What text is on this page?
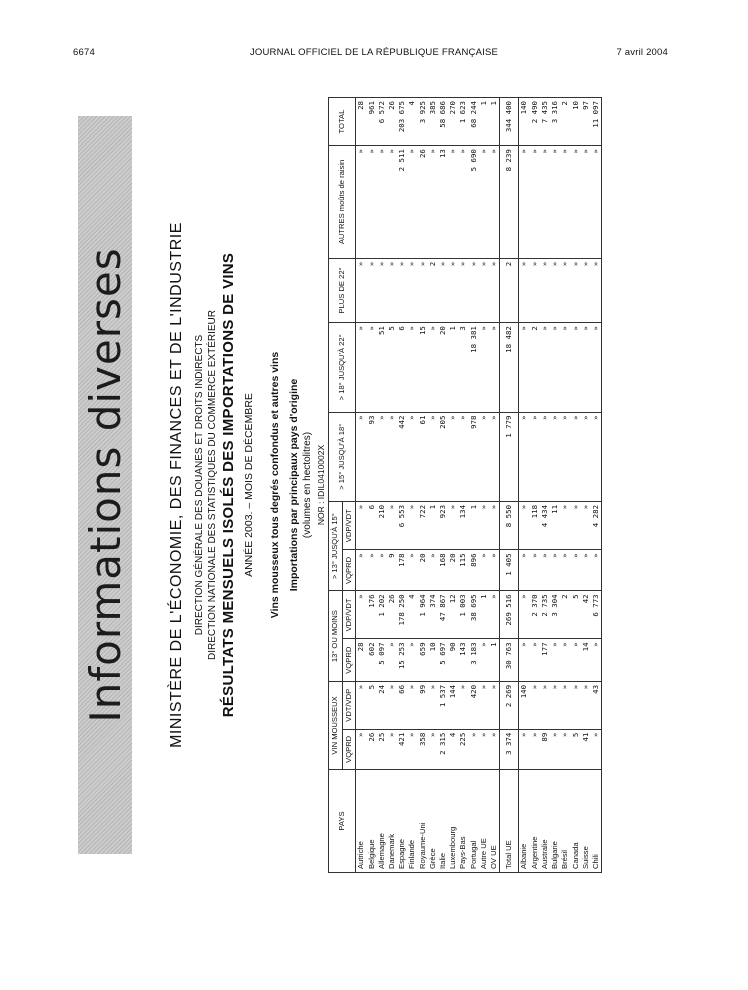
6674	JOURNAL OFFICIEL DE LA RÉPUBLIQUE FRANÇAISE	7 avril 2004
Informations diverses MINISTÈRE DE L'ÉCONOMIE, DES FINANCES ET DE L'INDUSTRIE DIRECTION GÉNÉRALE DES DOUANES ET DROITS INDIRECTS DIRECTION NATIONALE DES STATISTIQUES DU COMMERCE EXTÉRIEUR RÉSULTATS MENSUELS ISOLÉS DES IMPORTATIONS DE VINS ANNÉE 2003. – MOIS DE DÉCEMBRE Vins mousseux tous degrés confondus et autres vins Importations par principaux pays d'origine (volumes en hectolitres) NOR : IDIL0410002X
PAYS	VIN MOUSSEUX		13° OU MOINS		> 13° JUSQU'À 15°		> 15° JUSQU'À 18°	> 18° JUSQU'À 22°	PLUS DE 22°	AUTRES moûts de raisin	TOTAL
	VQPRD	VDT/VDP	VQPRD	VDP/VDT	VQPRD	VDP/VDT					
Autriche	»	»	28	»	»	»	»	»	»	»	28
Belgique	26	5	602	176	»	6	93	»	»	»	961
Allemagne	25	24	5 097	1 202	»	210	»	51	»	»	6 572
Danemark	»	»	»	26	9	»	»	5	»	»	26
Espagne	421	66	15 253	178 250	178	6 553	442	6	»	2 511	203 675
Finlande	»	»	»	4	»	»	»	»	»	»	4
Royaume-Uni	358	99	659	1 964	20	722	61	15	»	26	3 925
Grèce	»	»	10	374	»	1	»	»	2	»	385
Italie	2 315	1 537	5 697	47 867	168	923	205	20	»	13	58 686
Luxembourg	4	144	90	12	20	»	»	1	»	»	270
Pays-Bas	225	»	143	1 003	115	134	»	3	»	»	1 623
Portugal	»	420	3 183	38 695	896	1	978	18 381	»	5 690	68 244
Autre UE	»	»	»	1	»	»	»	»	»	»	1
OV UE	»	»	1	»	»	»	»	»	»	»	1
Total UE	3 374	2 269	30 763	269 516	1 405	8 550	1 779	18 482	2	8 239	344 400
Albanie	»	140	»	»	»	»	»	»	»	»	140
Argentine	»	»	»	2 370	»	118	»	2	»	»	2 490
Australie	89	»	177	2 735	»	4 434	»	»	»	»	7 435
Bulgarie	»	»	»	3 304	»	11	»	»	»	»	3 316
Brésil	»	»	»	2	»	»	»	»	»	»	2
Canada	5	»	»	5	»	»	»	»	»	»	10
Suisse	41	»	14	42	»	»	»	»	»	»	97
Chili	»	43	»	6 773	»	4 282	»	»	»	»	11 097
